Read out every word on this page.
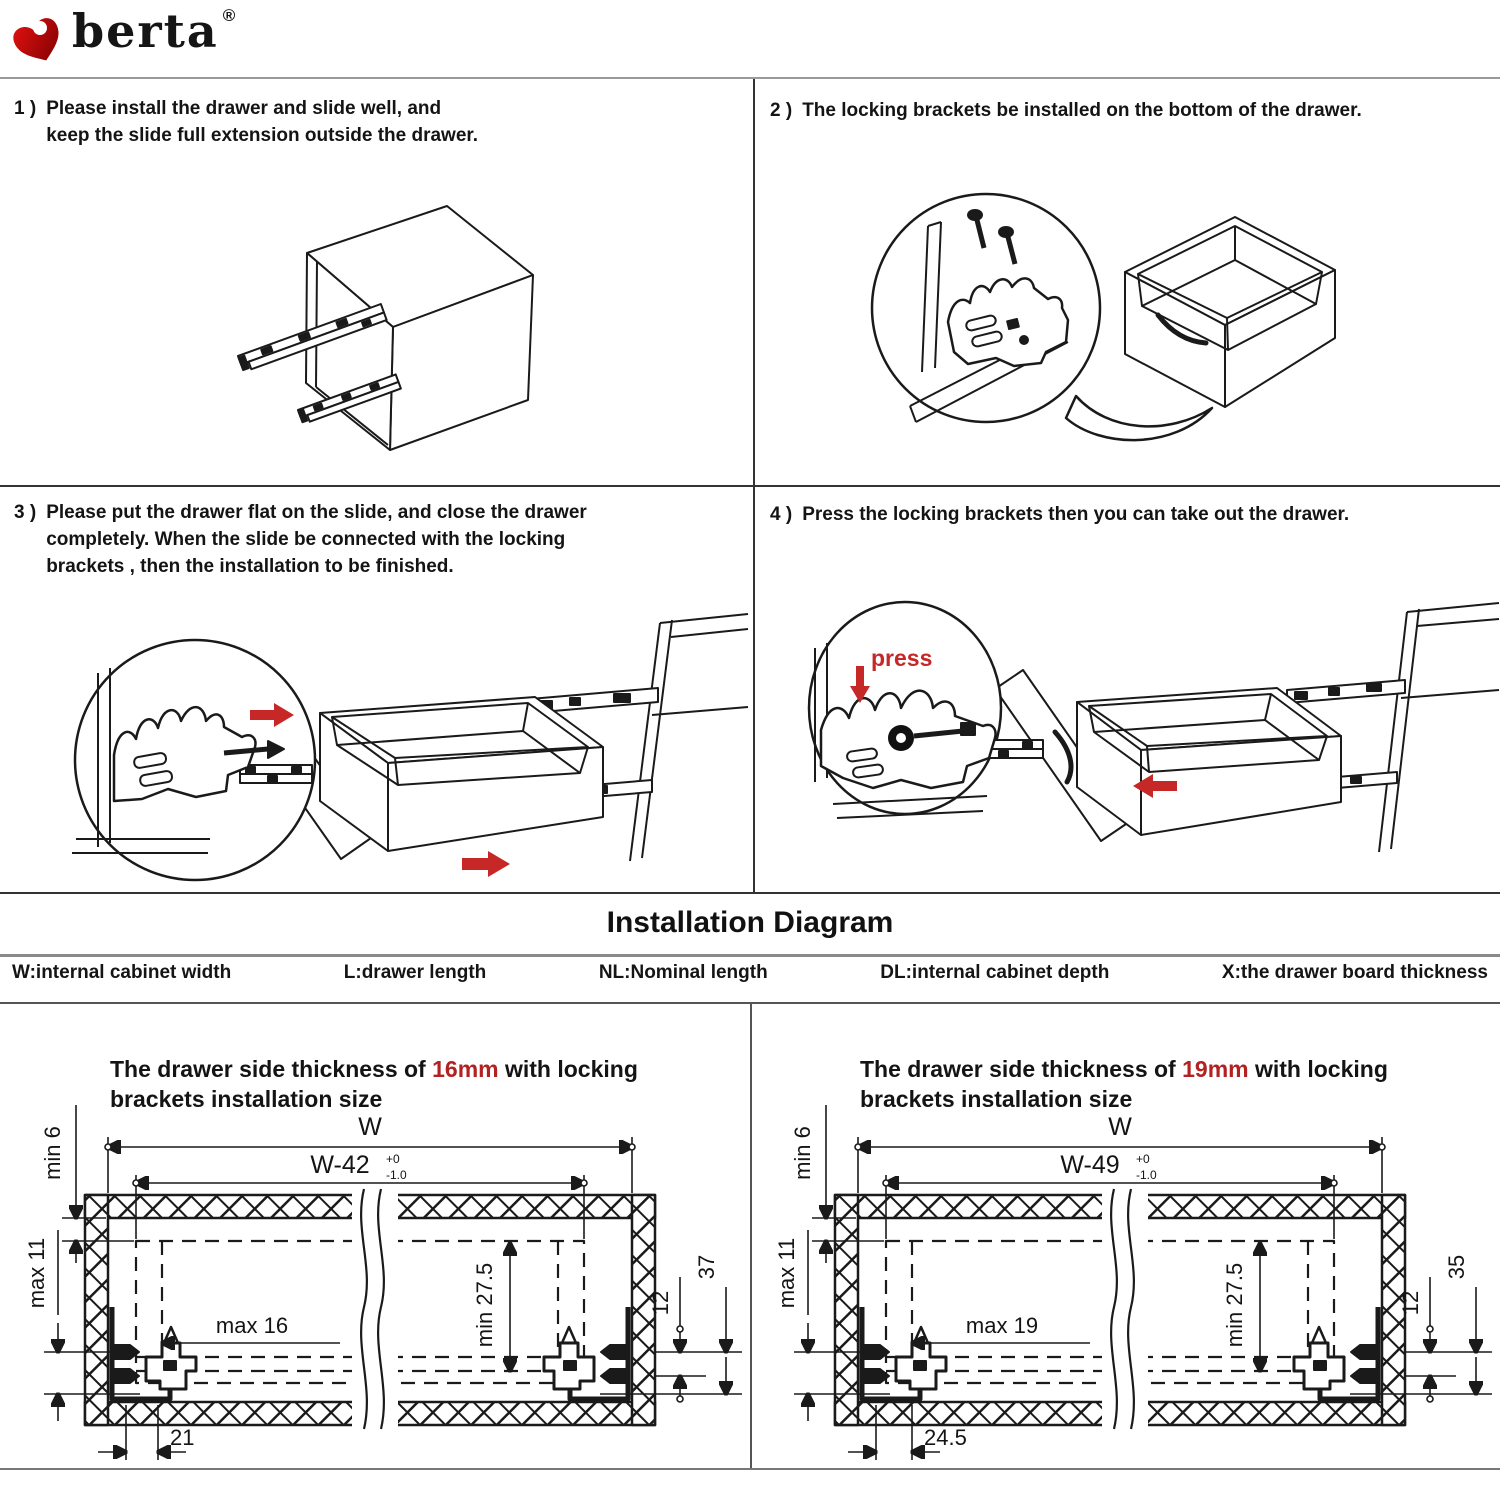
berta ®
1 ) Please install the drawer and slide well, and
keep the slide full extension outside the drawer.
2 ) The locking brackets be installed on the bottom of the drawer.
3 ) Please put the drawer flat on the slide, and close the drawer
completely. When the slide be connected with the locking
brackets , then the installation to be finished.
4 ) Press the locking brackets then you can take out the drawer.
press
Installation Diagram
W:internal cabinet width	L:drawer length	NL:Nominal length	DL:internal cabinet depth	X:the drawer board thickness
The drawer side thickness of 16mm with locking
brackets installation size
W
W-42 +0
-1.0
min 6
max 11
max 16	min 27.5	12
37
21
The drawer side thickness of 19mm with locking
brackets installation size
W
W-49 +0
-1.0
min 6
max 11
max 19	min 27.5	12
35
24.5
